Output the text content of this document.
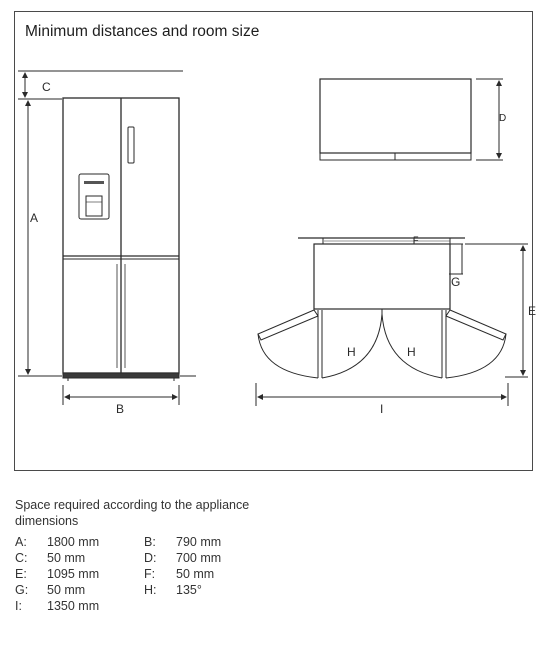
Minimum distances and room size
C
A
B
D
E
F
G
H	H
I
Space required according to the appliance dimensions
A: 1800 mm
C: 50 mm
E: 1095 mm
G: 50 mm
I: 1350 mm
B: 790 mm
D: 700 mm
F: 50 mm
H: 135°
